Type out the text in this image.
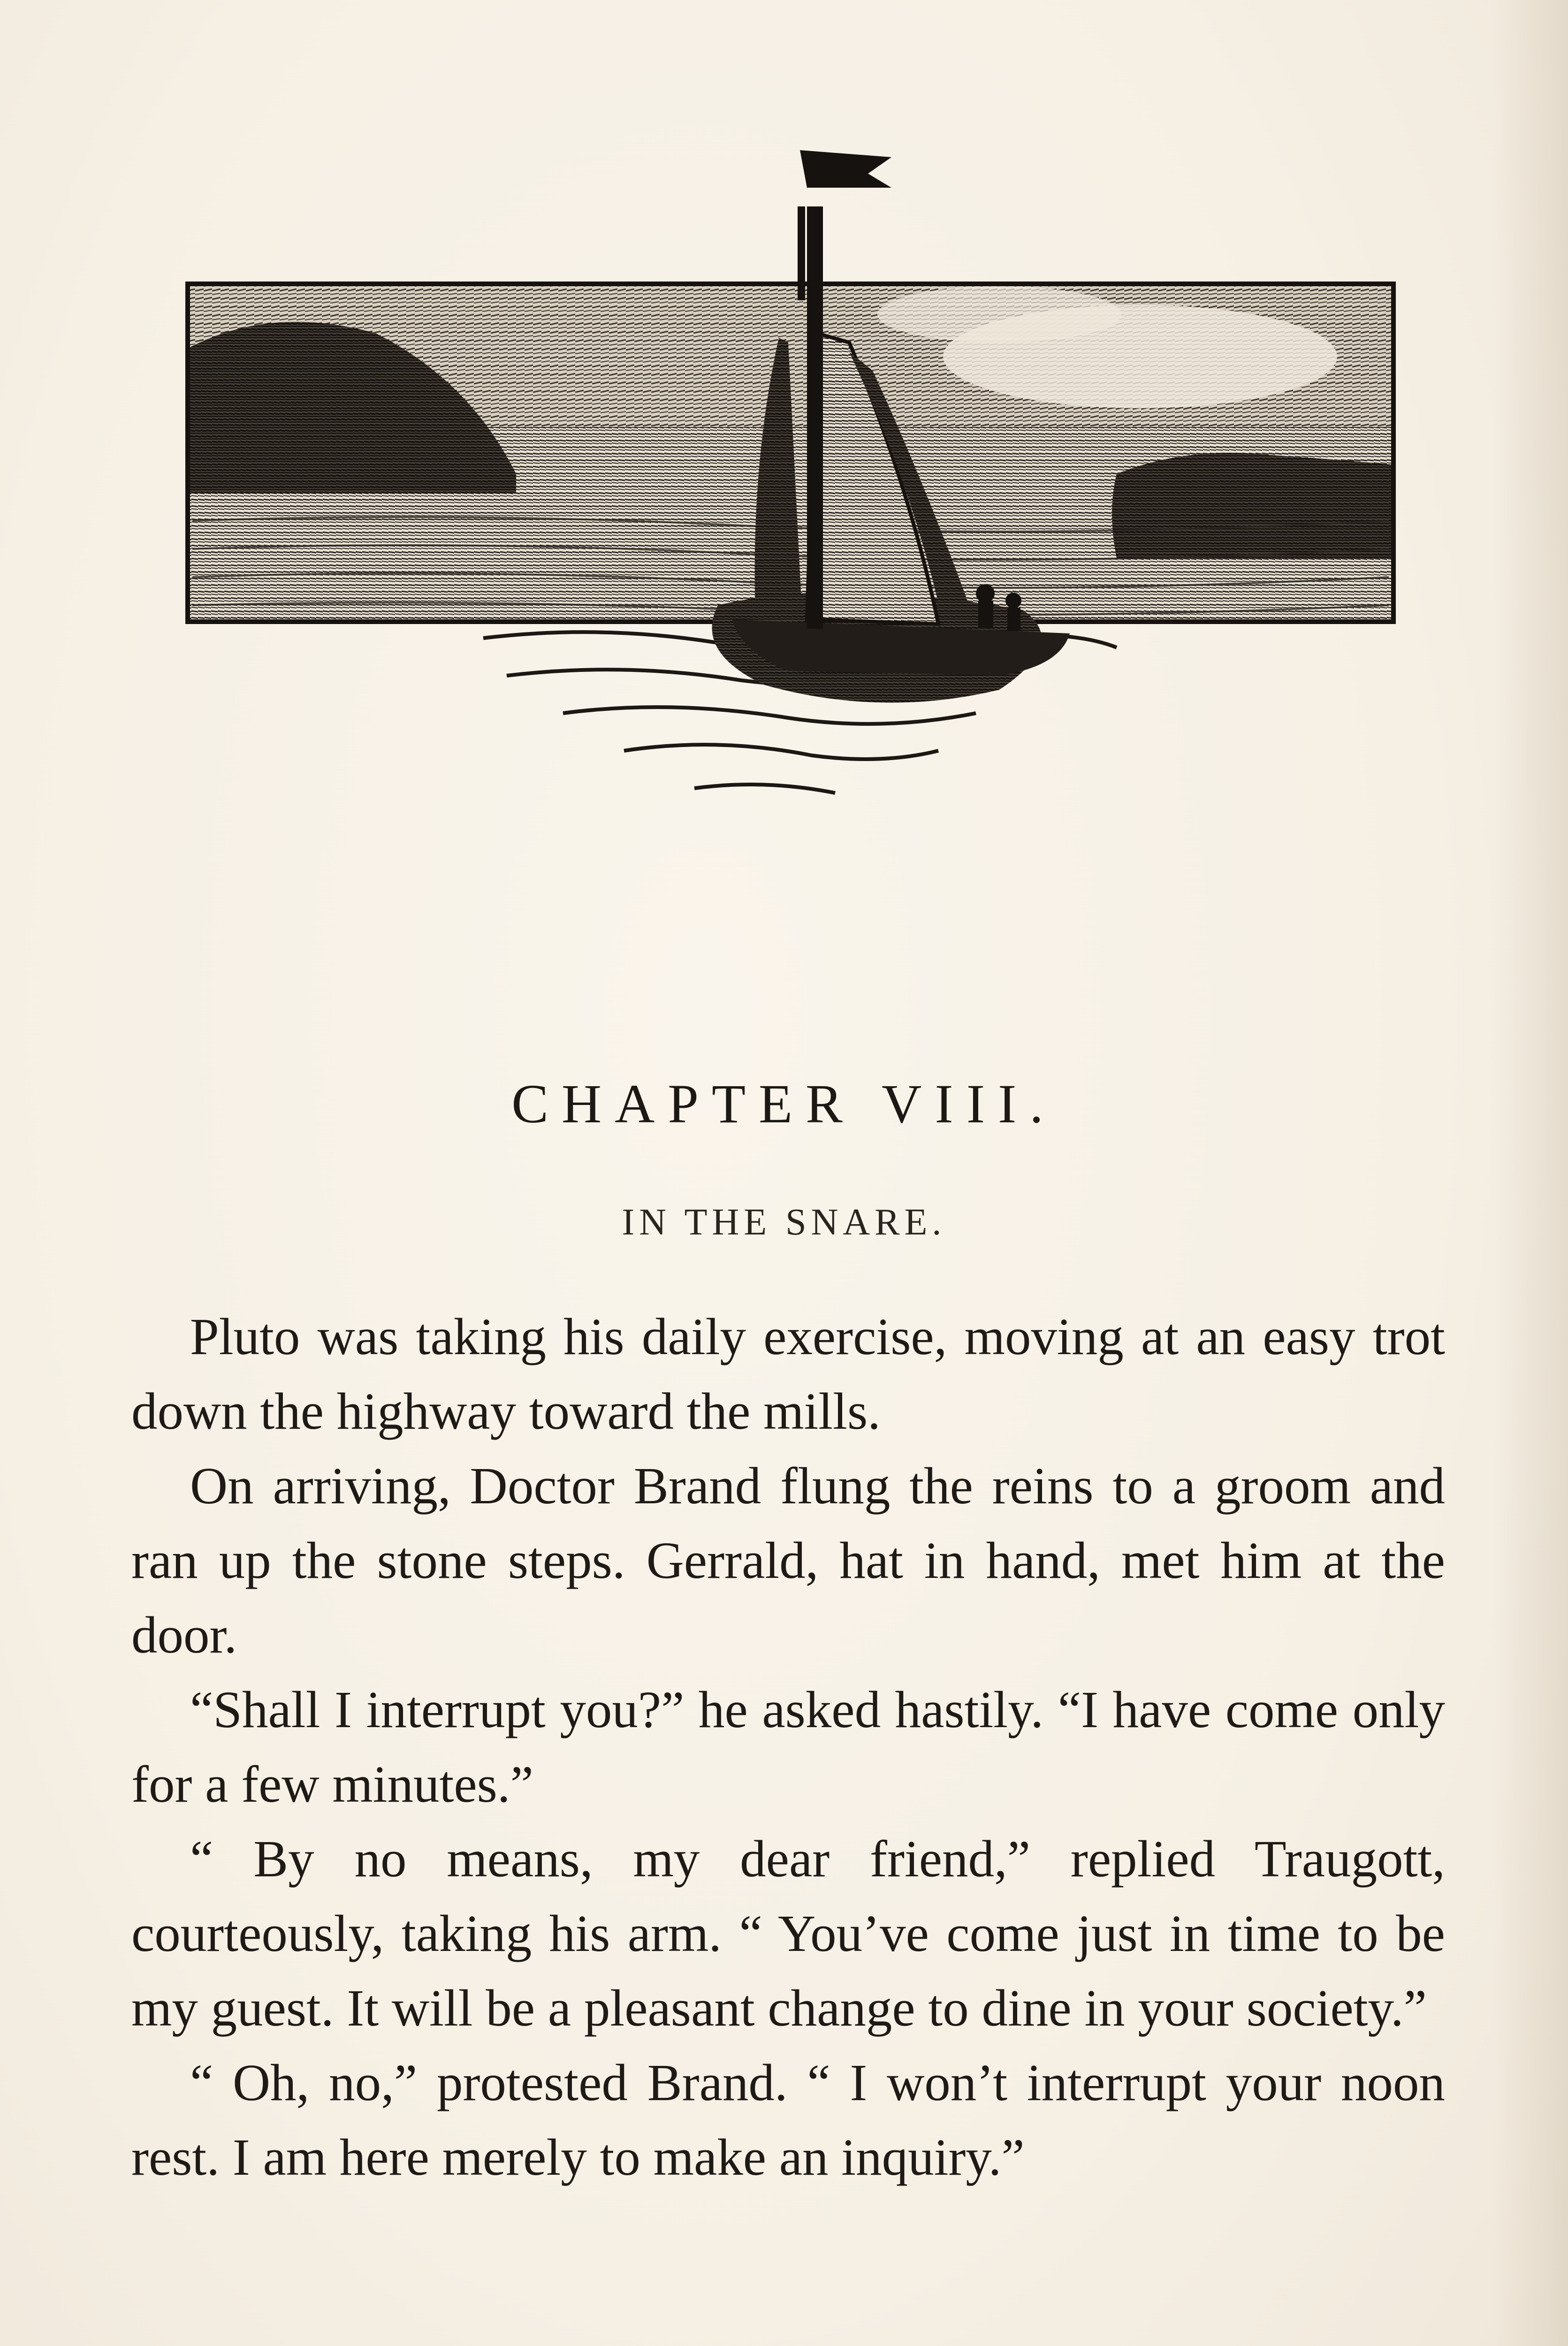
CHAPTER VIII.
IN THE SNARE.

Pluto was taking his daily exercise, moving at an easy trot down the highway toward the mills.

On arriving, Doctor Brand flung the reins to a groom and ran up the stone steps. Gerrald, hat in hand, met him at the door.

“Shall I interrupt you?” he asked hastily. “I have come only for a few minutes.”

“ By no means, my dear friend,” replied Traugott, courteously, taking his arm. “ You’ve come just in time to be my guest. It will be a pleasant change to dine in your society.”

“ Oh, no,” protested Brand. “ I won’t interrupt your noon rest. I am here merely to make an inquiry.”
